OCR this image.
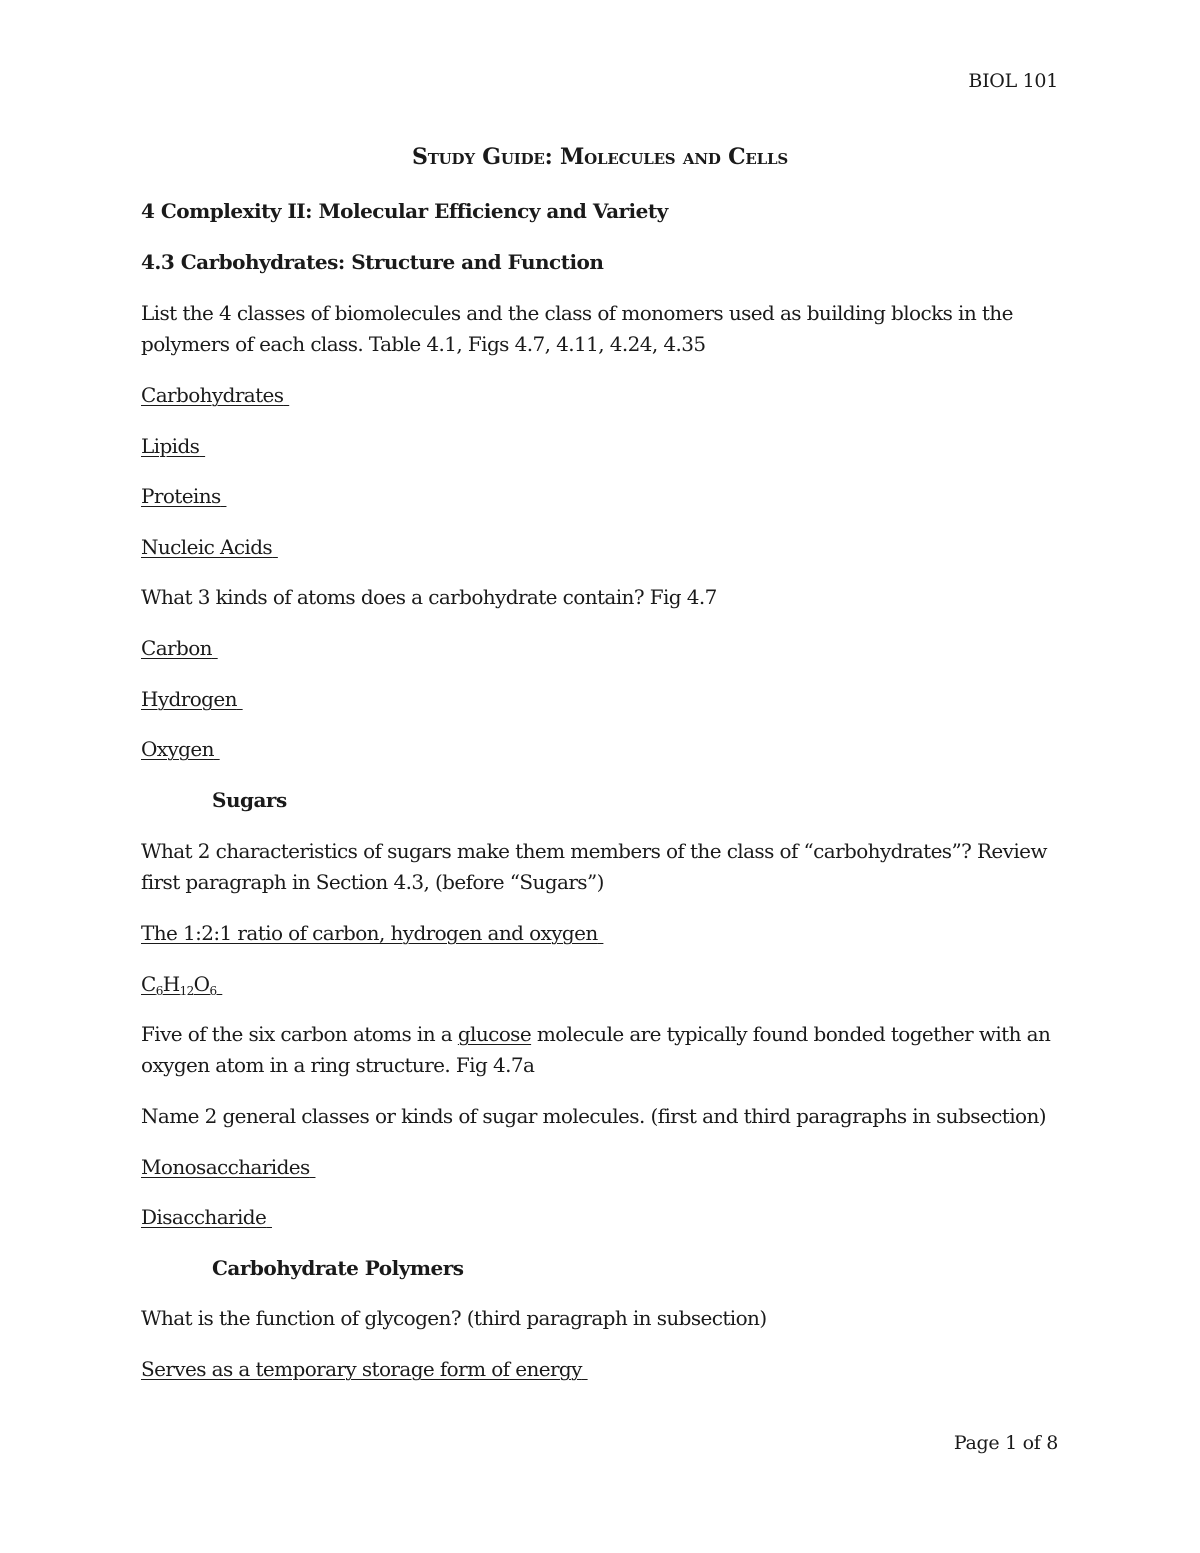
BIOL 101
Study Guide: Molecules and Cells
4 Complexity II: Molecular Efficiency and Variety
4.3 Carbohydrates: Structure and Function
List the 4 classes of biomolecules and the class of monomers used as building blocks in the polymers of each class. Table 4.1, Figs 4.7, 4.11, 4.24, 4.35
Carbohydrates
Lipids
Proteins
Nucleic Acids
What 3 kinds of atoms does a carbohydrate contain? Fig 4.7
Carbon
Hydrogen
Oxygen
Sugars
What 2 characteristics of sugars make them members of the class of “carbohydrates”? Review first paragraph in Section 4.3, (before “Sugars”)
The 1:2:1 ratio of carbon, hydrogen and oxygen
$C_6H_{12}O_6$
Five of the six carbon atoms in a glucose molecule are typically found bonded together with an oxygen atom in a ring structure. Fig 4.7a
Name 2 general classes or kinds of sugar molecules. (first and third paragraphs in subsection)
Monosaccharides
Disaccharide
Carbohydrate Polymers
What is the function of glycogen? (third paragraph in subsection)
Serves as a temporary storage form of energy
Page 1 of 8
